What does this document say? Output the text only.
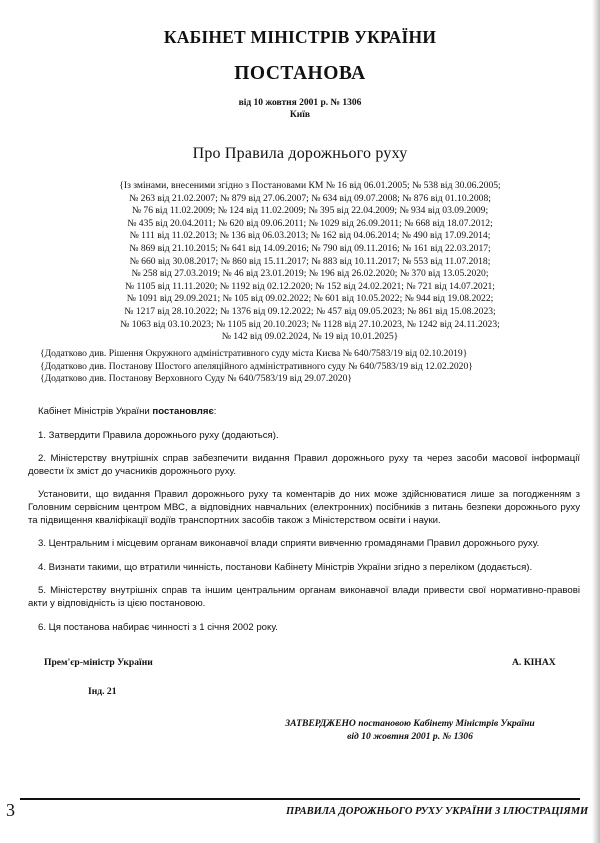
КАБІНЕТ МІНІСТРІВ УКРАЇНИ
ПОСТАНОВА
від 10 жовтня 2001 р. № 1306
Київ
Про Правила дорожнього руху
{Із змінами, внесеними згідно з Постановами КМ № 16 від 06.01.2005; № 538 від 30.06.2005;
№ 263 від 21.02.2007; № 879 від 27.06.2007; № 634 від 09.07.2008; № 876 від 01.10.2008;
№ 76 від 11.02.2009; № 124 від 11.02.2009; № 395 від 22.04.2009; № 934 від 03.09.2009;
№ 435 від 20.04.2011; № 620 від 09.06.2011; № 1029 від 26.09.2011; № 668 від 18.07.2012;
№ 111 від 11.02.2013; № 136 від 06.03.2013; № 162 від 04.06.2014; № 490 від 17.09.2014;
№ 869 від 21.10.2015; № 641 від 14.09.2016; № 790 від 09.11.2016; № 161 від 22.03.2017;
№ 660 від 30.08.2017; № 860 від 15.11.2017; № 883 від 10.11.2017; № 553 від 11.07.2018;
№ 258 від 27.03.2019; № 46 від 23.01.2019; № 196 від 26.02.2020; № 370 від 13.05.2020;
№ 1105 від 11.11.2020; № 1192 від 02.12.2020; № 152 від 24.02.2021; № 721 від 14.07.2021;
№ 1091 від 29.09.2021; № 105 від 09.02.2022; № 601 від 10.05.2022; № 944 від 19.08.2022;
№ 1217 від 28.10.2022; № 1376 від 09.12.2022; № 457 від 09.05.2023; № 861 від 15.08.2023;
№ 1063 від 03.10.2023; № 1105 від 20.10.2023; № 1128 від 27.10.2023, № 1242 від 24.11.2023;
№ 142 від 09.02.2024, № 19 від 10.01.2025}
{Додатково див. Рішення Окружного адміністративного суду міста Києва № 640/7583/19 від 02.10.2019}
{Додатково див. Постанову Шостого апеляційного адміністративного суду № 640/7583/19 від 12.02.2020}
{Додатково див. Постанову Верховного Суду № 640/7583/19 від 29.07.2020}

Кабінет Міністрів України постановляє:

1. Затвердити Правила дорожнього руху (додаються).

2. Міністерству внутрішніх справ забезпечити видання Правил дорожнього руху та через засоби масової інформації довести їх зміст до учасників дорожнього руху.

Установити, що видання Правил дорожнього руху та коментарів до них може здійснюватися лише за погодженням з Головним сервісним центром МВС, а відповідних навчальних (електронних) посібників з питань безпеки дорожнього руху та підвищення кваліфікації водіїв транспортних засобів також з Міністерством освіти і науки.

3. Центральним і місцевим органам виконавчої влади сприяти вивченню громадянами Правил дорожнього руху.

4. Визнати такими, що втратили чинність, постанови Кабінету Міністрів України згідно з переліком (додається).

5. Міністерству внутрішніх справ та іншим центральним органам виконавчої влади привести свої нормативно-правові акти у відповідність із цією постановою.

6. Ця постанова набирає чинності з 1 січня 2002 року.

Прем'єр-міністр України	А. КІНАХ
Інд. 21
ЗАТВЕРДЖЕНО постановою Кабінету Міністрів України
від 10 жовтня 2001 р. № 1306
3	ПРАВИЛА ДОРОЖНЬОГО РУХУ УКРАЇНИ З ІЛЮСТРАЦІЯМИ
